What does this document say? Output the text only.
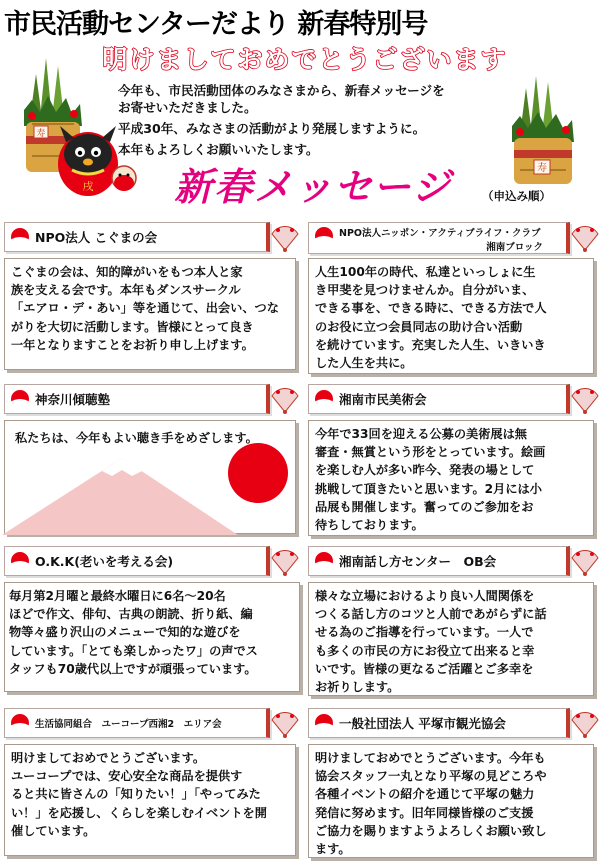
市民活動センターだより 新春特別号
明けましておめでとうございます
寿
寿

今年も、市民活動団体のみなさまから、新春メッセージを

お寄せいただきました。

平成30年、みなさまの活動がより発展しますように。

本年もよろしくお願いいたします。

戌 新春メッセージ	（申込み順）
NPO法人 こぐまの会

こぐまの会は、知的障がいをもつ本人と家

族を支える会です。本年もダンスサークル

「エアロ・デ・あい」等を通じて、出会い、つな

がりを大切に活動します。皆様にとって良き

一年となりますことをお祈り申し上げます。

NPO法人ニッポン・アクティブライフ・クラブ
湘南ブロック

人生100年の時代、私達といっしょに生

き甲斐を見つけませんか。自分がいま、

できる事を、できる時に、できる方法で人

のお役に立つ会員同志の助け合い活動

を続けています。充実した人生、いきいき

した人生を共に。

神奈川傾聴塾

私たちは、今年もよい聴き手をめざします。

湘南市民美術会

今年で33回を迎える公募の美術展は無

審査・無賞という形をとっています。絵画

を楽しむ人が多い昨今、発表の場として

挑戦して頂きたいと思います。2月には小

品展も開催します。奮ってのご参加をお

待ちしております。

O.K.K(老いを考える会)

毎月第2月曜と最終水曜日に6名～20名

ほどで作文、俳句、古典の朗読、折り紙、編

物等々盛り沢山のメニューで知的な遊びを

しています。「とても楽しかったワ」の声でス

タッフも70歳代以上ですが頑張っています。

湘南話し方センター　OB会

様々な立場におけるより良い人間関係を

つくる話し方のコツと人前であがらずに話

せる為のご指導を行っています。一人で

も多くの市民の方にお役立て出来ると幸

いです。皆様の更なるご活躍とご多幸を

お祈りします。

生活協同組合　ユーコープ西湘2　エリア会

明けましておめでとうございます。

ユーコープでは、安心安全な商品を提供す

ると共に皆さんの「知りたい！」「やってみた

い！」を応援し、くらしを楽しむイベントを開

催しています。

一般社団法人 平塚市観光協会

明けましておめでとうございます。今年も

協会スタッフ一丸となり平塚の見どころや

各種イベントの紹介を通じて平塚の魅力

発信に努めます。旧年同様皆様のご支援

ご協力を賜りますようよろしくお願い致し

ます。
